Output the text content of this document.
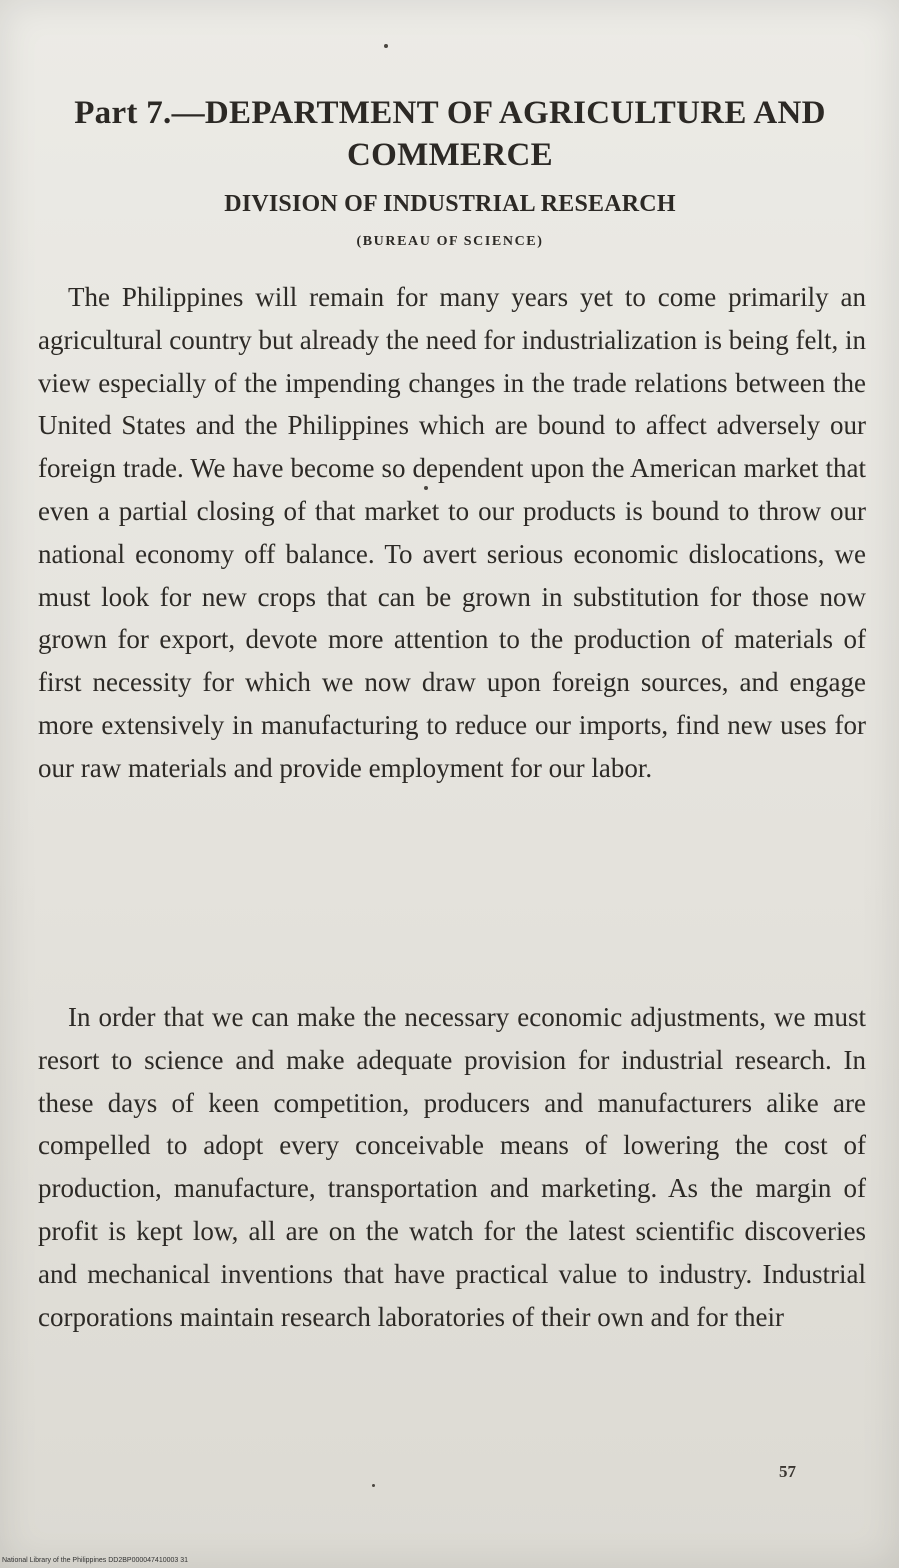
Part 7.—DEPARTMENT OF AGRICULTURE AND
COMMERCE
DIVISION OF INDUSTRIAL RESEARCH
(BUREAU OF SCIENCE)

The Philippines will remain for many years yet to come primarily an agricultural country but already the need for industrialization is being felt, in view especially of the impending changes in the trade relations between the United States and the Philippines which are bound to affect adversely our foreign trade. We have become so dependent upon the American market that even a partial closing of that market to our products is bound to throw our national economy off balance. To avert serious economic dislocations, we must look for new crops that can be grown in substitution for those now grown for export, devote more attention to the production of materials of first necessity for which we now draw upon foreign sources, and engage more extensively in manufacturing to reduce our imports, find new uses for our raw materials and provide employment for our labor.

In order that we can make the necessary economic adjustments, we must resort to science and make adequate provision for industrial research. In these days of keen competition, producers and manufacturers alike are compelled to adopt every conceivable means of lowering the cost of production, manufacture, transportation and marketing. As the margin of profit is kept low, all are on the watch for the latest scientific discoveries and mechanical inventions that have practical value to industry. Industrial corporations maintain research laboratories of their own and for their

57
National Library of the Philippines DD2BP000047410003 31
